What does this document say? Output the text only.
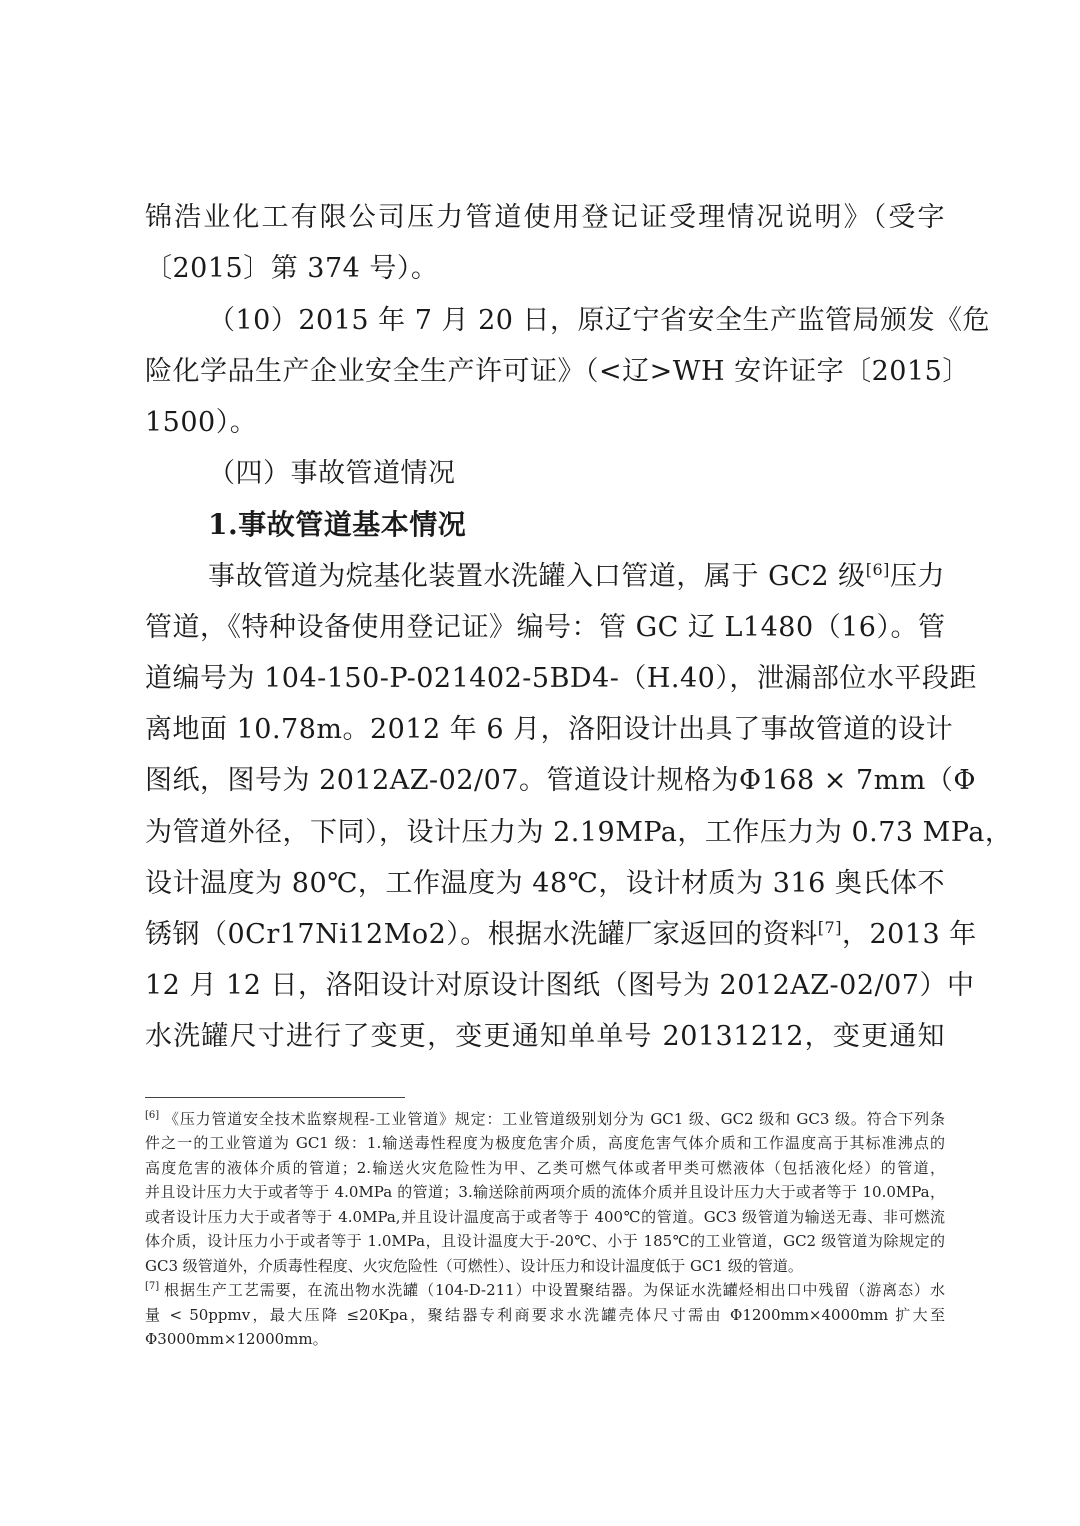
锦浩业化工有限公司压力管道使用登记证受理情况说明》（受字
〔2015〕第 374 号）。
（10）2015 年 7 月 20 日，原辽宁省安全生产监管局颁发《危
险化学品生产企业安全生产许可证》（<辽>WH 安许证字〔2015〕
1500）。
（四）事故管道情况
1.事故管道基本情况
事故管道为烷基化装置水洗罐入口管道，属于 GC2 级[6]压力
管道，《特种设备使用登记证》编号：管 GC 辽 L1480（16）。管
道编号为 104-150-P-021402-5BD4-（H.40），泄漏部位水平段距
离地面 10.78m。2012 年 6 月，洛阳设计出具了事故管道的设计
图纸，图号为 2012AZ-02/07。管道设计规格为Φ168 × 7mm（Φ
为管道外径，下同），设计压力为 2.19MPa，工作压力为 0.73 MPa，
设计温度为 80℃，工作温度为 48℃，设计材质为 316 奥氏体不
锈钢（0Cr17Ni12Mo2）。根据水洗罐厂家返回的资料[7]，2013 年
12 月 12 日，洛阳设计对原设计图纸（图号为 2012AZ-02/07）中
水洗罐尺寸进行了变更，变更通知单单号 20131212，变更通知
[6] 《压力管道安全技术监察规程-工业管道》规定：工业管道级别划分为 GC1 级、GC2 级和 GC3 级。符合下列条
件之一的工业管道为 GC1 级：1.输送毒性程度为极度危害介质，高度危害气体介质和工作温度高于其标准沸点的
高度危害的液体介质的管道；2.输送火灾危险性为甲、乙类可燃气体或者甲类可燃液体（包括液化烃）的管道，
并且设计压力大于或者等于 4.0MPa 的管道；3.输送除前两项介质的流体介质并且设计压力大于或者等于 10.0MPa，
或者设计压力大于或者等于 4.0MPa,并且设计温度高于或者等于 400℃的管道。GC3 级管道为输送无毒、非可燃流
体介质，设计压力小于或者等于 1.0MPa，且设计温度大于-20℃、小于 185℃的工业管道，GC2 级管道为除规定的
GC3 级管道外，介质毒性程度、火灾危险性（可燃性）、设计压力和设计温度低于 GC1 级的管道。
[7] 根据生产工艺需要，在流出物水洗罐（104-D-211）中设置聚结器。为保证水洗罐烃相出口中残留（游离态）水
量 < 50ppmv，最大压降 ≤20Kpa，聚结器专利商要求水洗罐壳体尺寸需由 Φ1200mm×4000mm 扩大至
Φ3000mm×12000mm。
